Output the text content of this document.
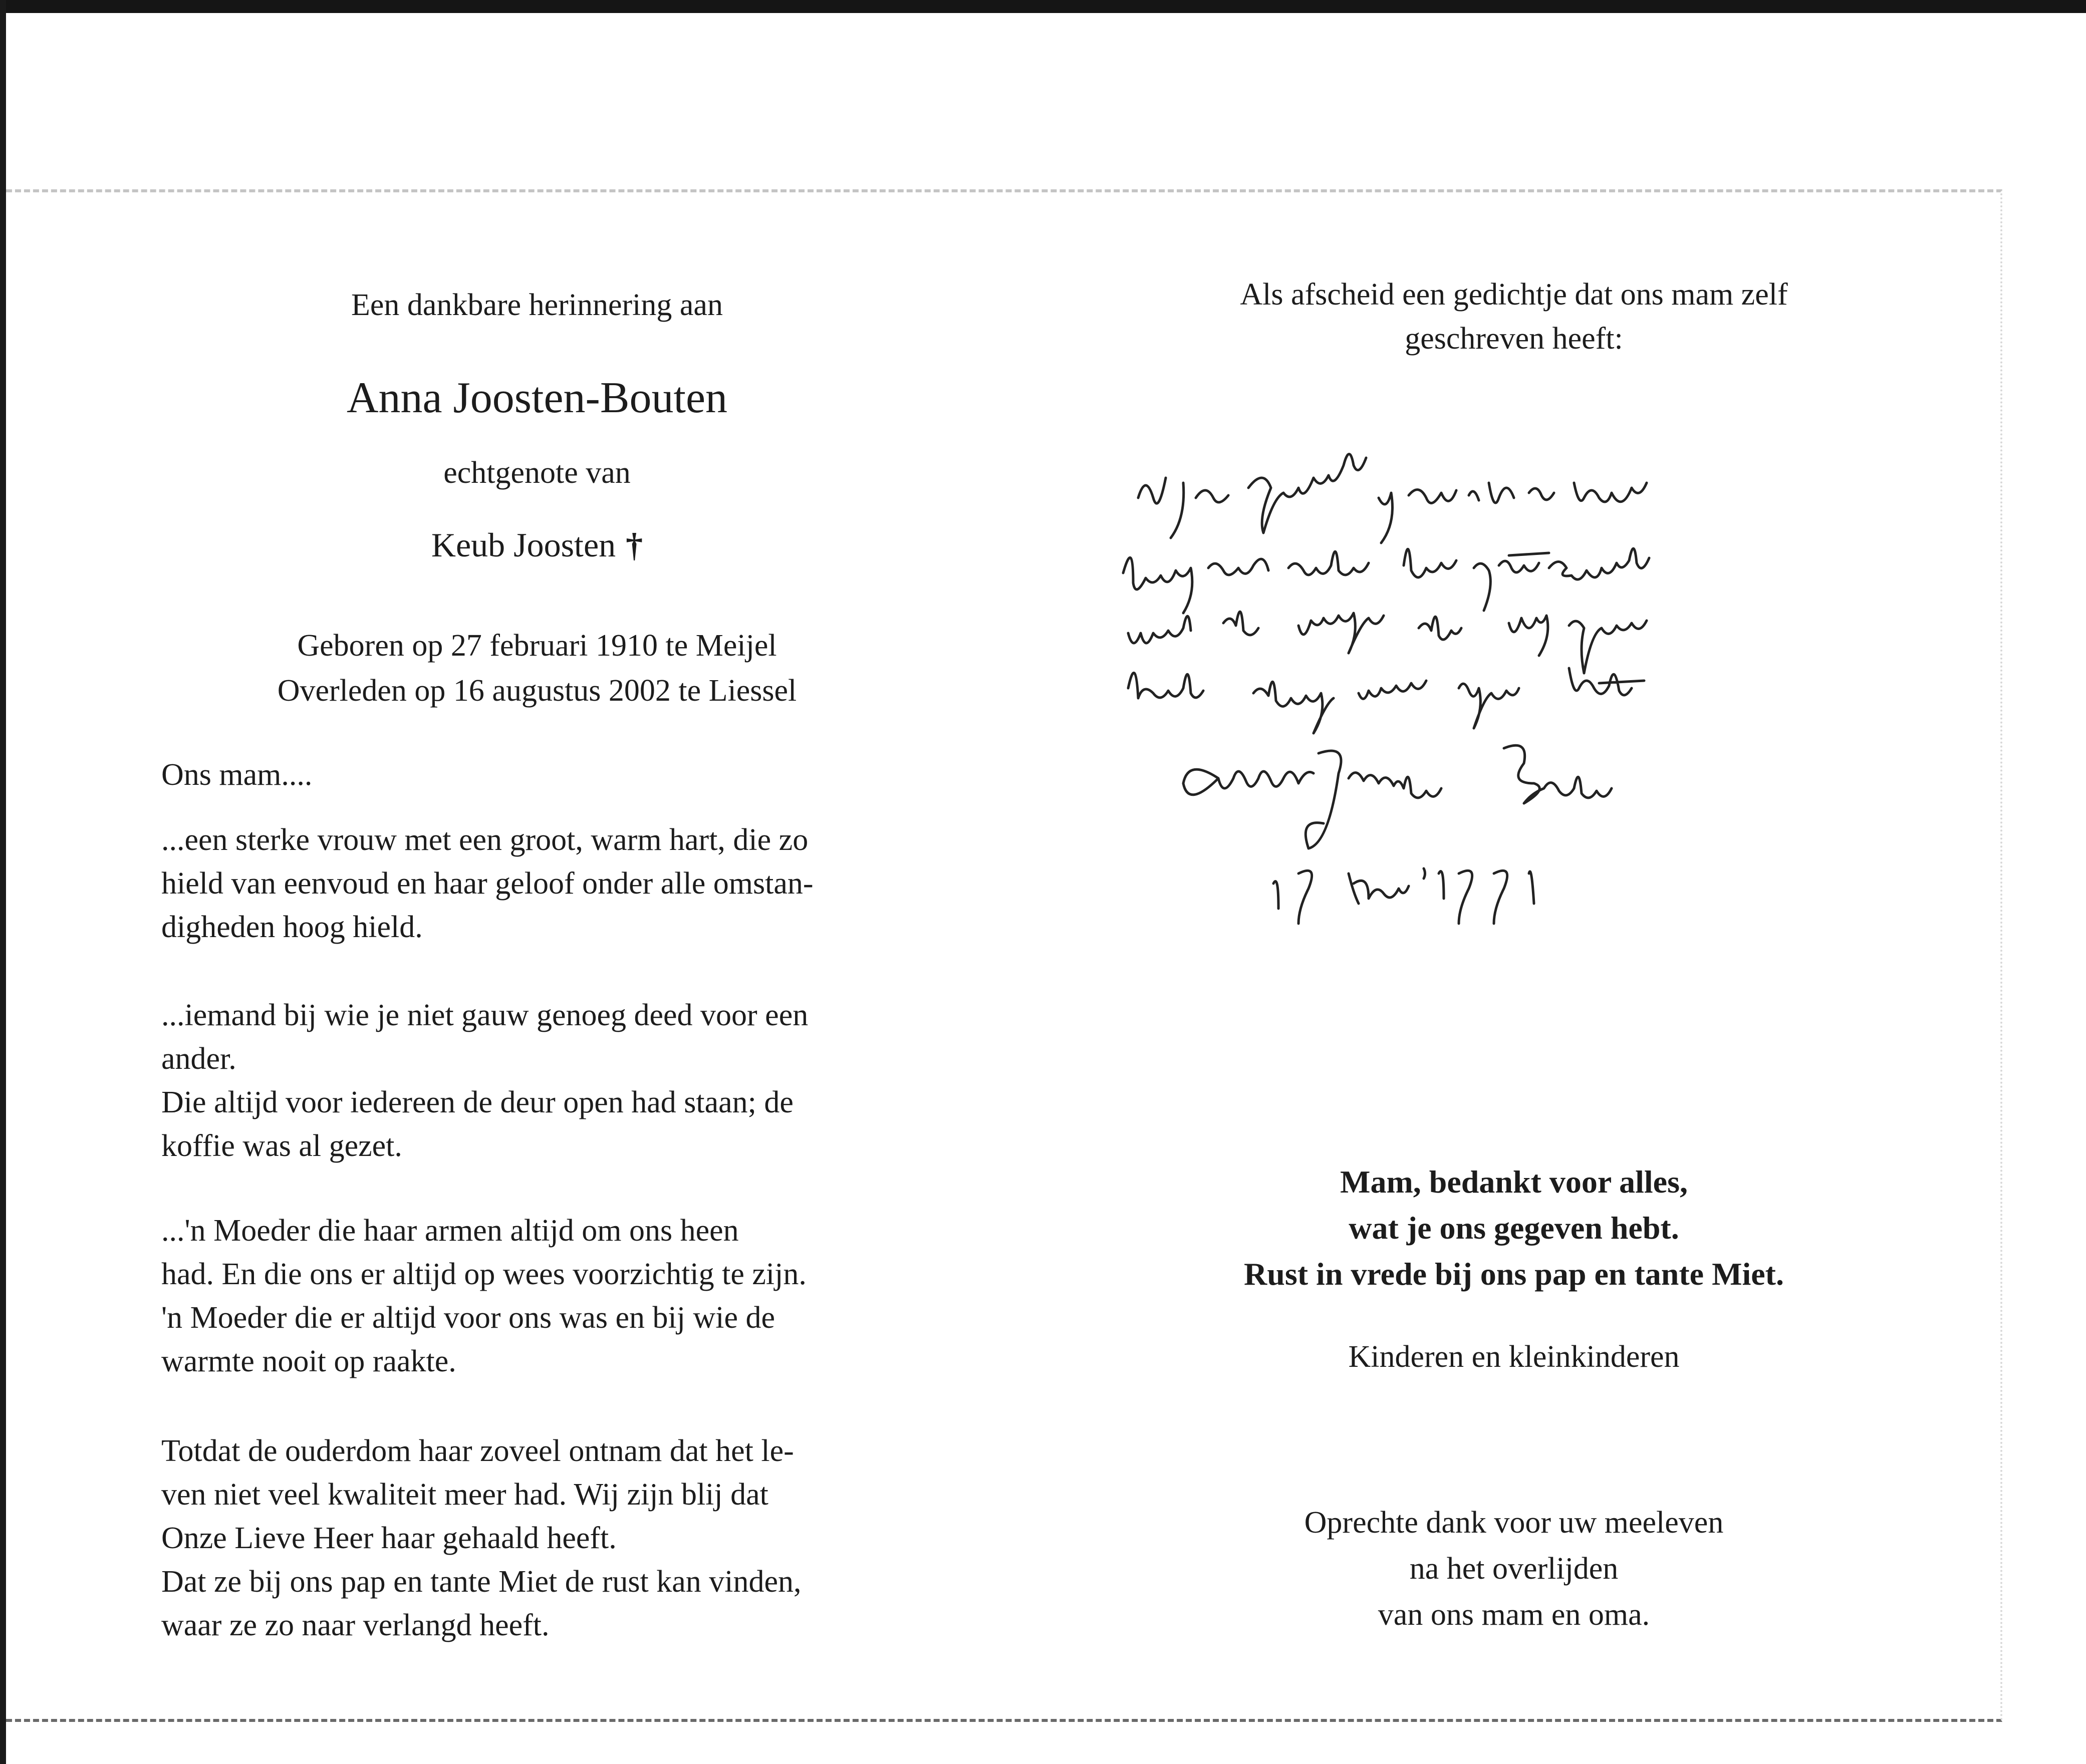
Een dankbare herinnering aan
Anna Joosten-Bouten
echtgenote van
Keub Joosten †
Geboren op 27 februari 1910 te Meijel
Overleden op 16 augustus 2002 te Liessel
Ons mam....
...een sterke vrouw met een groot, warm hart, die zo
hield van eenvoud en haar geloof onder alle omstan-
digheden hoog hield.
...iemand bij wie je niet gauw genoeg deed voor een
ander.
Die altijd voor iedereen de deur open had staan; de
koffie was al gezet.
...'n Moeder die haar armen altijd om ons heen
had. En die ons er altijd op wees voorzichtig te zijn.
'n Moeder die er altijd voor ons was en bij wie de
warmte nooit op raakte.
Totdat de ouderdom haar zoveel ontnam dat het le-
ven niet veel kwaliteit meer had. Wij zijn blij dat
Onze Lieve Heer haar gehaald heeft.
Dat ze bij ons pap en tante Miet de rust kan vinden,
waar ze zo naar verlangd heeft.
Als afscheid een gedichtje dat ons mam zelf
geschreven heeft:
Mam, bedankt voor alles,
wat je ons gegeven hebt.
Rust in vrede bij ons pap en tante Miet.
Kinderen en kleinkinderen
Oprechte dank voor uw meeleven
na het overlijden
van ons mam en oma.
